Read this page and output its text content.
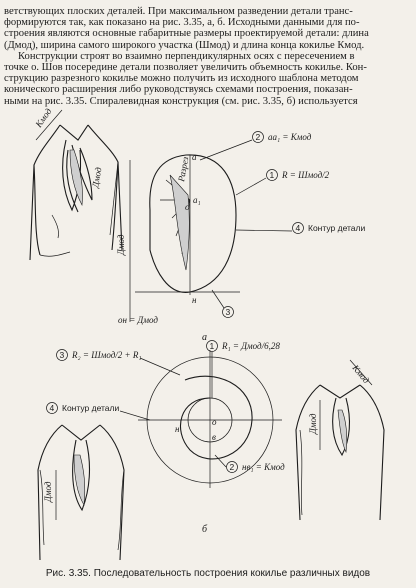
ветствующих плоских деталей. При максимальном разведении детали транс-

формируются так, как показано на рис. 3.35, а, б. Исходными данными для по-

строения являются основные габаритные размеры проектируемой детали: длина

(Дмод), ширина самого широкого участка (Шмод) и длина конца кокилье Кмод.

Конструкции строят во взаимно перпендикулярных осях с пересечением в

точке о. Шов посередине детали позволяет увеличить объемность кокилье. Кон-

струкцию разрезного кокилье можно получить из исходного шаблона методом

конического расширения либо руководствуясь схемами построения, показан-

ными на рис. 3.35. Спиралевидная конструкция (см. рис. 3.35, б) используется

Дмод
Кмод
Дмод
а
а₁
о
н
Разрез
он = Дмод
2 аа₁ = Кмод
1 R = Шмод/2
4 Контур детали
3
а
о
в
н
3 R₂ = Шмод/2 + R₁
1 R₁ = Дмод/6,28
4 Контур детали
2 нв₁ = Кмод
б
Дмод
Дмод
Кмод
Рис. 3.35. Последовательность построения кокилье различных видов
